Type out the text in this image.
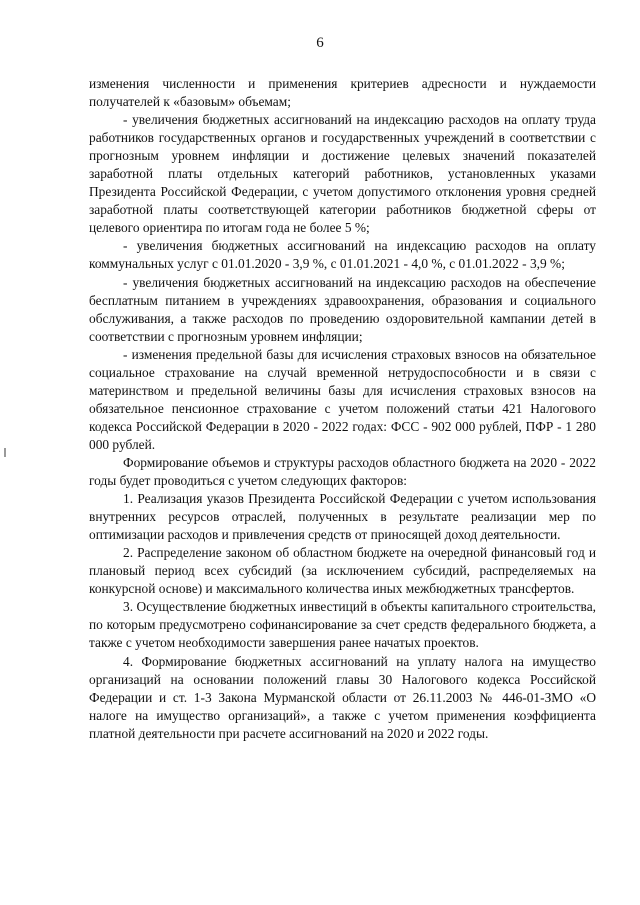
6

изменения численности и применения критериев адресности и нуждаемости получателей к «базовым» объемам;

- увеличения бюджетных ассигнований на индексацию расходов на оплату труда работников государственных органов и государственных учреждений в соответствии с прогнозным уровнем инфляции и достижение целевых значений показателей заработной платы отдельных категорий работников, установленных указами Президента Российской Федерации, с учетом допустимого отклонения уровня средней заработной платы соответствующей категории работников бюджетной сферы от целевого ориентира по итогам года не более 5 %;

- увеличения бюджетных ассигнований на индексацию расходов на оплату коммунальных услуг с 01.01.2020 - 3,9 %, с 01.01.2021 - 4,0 %, с 01.01.2022 - 3,9 %;

- увеличения бюджетных ассигнований на индексацию расходов на обеспечение бесплатным питанием в учреждениях здравоохранения, образования и социального обслуживания, а также расходов по проведению оздоровительной кампании детей в соответствии с прогнозным уровнем инфляции;

- изменения предельной базы для исчисления страховых взносов на обязательное социальное страхование на случай временной нетрудоспособности и в связи с материнством и предельной величины базы для исчисления страховых взносов на обязательное пенсионное страхование с учетом положений статьи 421 Налогового кодекса Российской Федерации в 2020 - 2022 годах: ФСС - 902 000 рублей, ПФР - 1 280 000 рублей.

Формирование объемов и структуры расходов областного бюджета на 2020 - 2022 годы будет проводиться с учетом следующих факторов:

1. Реализация указов Президента Российской Федерации с учетом использования внутренних ресурсов отраслей, полученных в результате реализации мер по оптимизации расходов и привлечения средств от приносящей доход деятельности.

2. Распределение законом об областном бюджете на очередной финансовый год и плановый период всех субсидий (за исключением субсидий, распределяемых на конкурсной основе) и максимального количества иных межбюджетных трансфертов.

3. Осуществление бюджетных инвестиций в объекты капитального строительства, по которым предусмотрено софинансирование за счет средств федерального бюджета, а также с учетом необходимости завершения ранее начатых проектов.

4. Формирование бюджетных ассигнований на уплату налога на имущество организаций на основании положений главы 30 Налогового кодекса Российской Федерации и ст. 1-3 Закона Мурманской области от 26.11.2003 № 446-01-ЗМО «О налоге на имущество организаций», а также с учетом применения коэффициента платной деятельности при расчете ассигнований на 2020 и 2022 годы.
